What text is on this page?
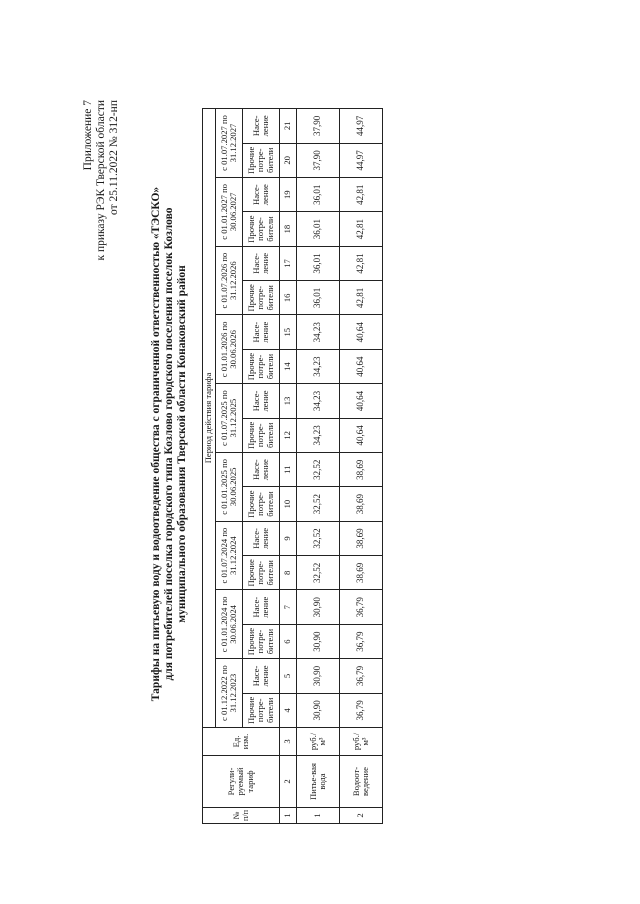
Приложение 7 к приказу РЭК Тверской области от 25.11.2022 № 312-нп
Тарифы на питьевую воду и водоотведение общества с ограниченной ответственностью «ТЭСКО» для потребителей поселка городского типа Козлово городского поселения поселок Козлово муниципального образования Тверской области Конаковский район
№ п/п	Регули-руемый тариф	Ед. изм.	Период действия тарифа																	
			с 01.12.2022 по 31.12.2023		с 01.01.2024 по 30.06.2024		с 01.07.2024 по 31.12.2024		с 01.01.2025 по 30.06.2025		с 01.07.2025 по 31.12.2025		с 01.01.2026 по 30.06.2026		с 01.07.2026 по 31.12.2026		с 01.01.2027 по 30.06.2027		с 01.07.2027 по 31.12.2027	
			Прочие потре-бители	Насе-ление	Прочие потре-бители	Насе-ление	Прочие потре-бители	Насе-ление	Прочие потре-бители	Насе-ление	Прочие потре-бители	Насе-ление	Прочие потре-бители	Насе-ление	Прочие потре-бители	Насе-ление	Прочие потре-бители	Насе-ление	Прочие потре-бители	Насе-ление
1	2	3	4	5	6	7	8	9	10	11	12	13	14	15	16	17	18	19	20	21
1	Питье-вая вода	руб./м³	30,90	30,90	30,90	30,90	32,52	32,52	32,52	32,52	34,23	34,23	34,23	34,23	36,01	36,01	36,01	36,01	37,90	37,90
2	Водоот-ведение	руб./м³	36,79	36,79	36,79	36,79	38,69	38,69	38,69	38,69	40,64	40,64	40,64	40,64	42,81	42,81	42,81	42,81	44,97	44,97
